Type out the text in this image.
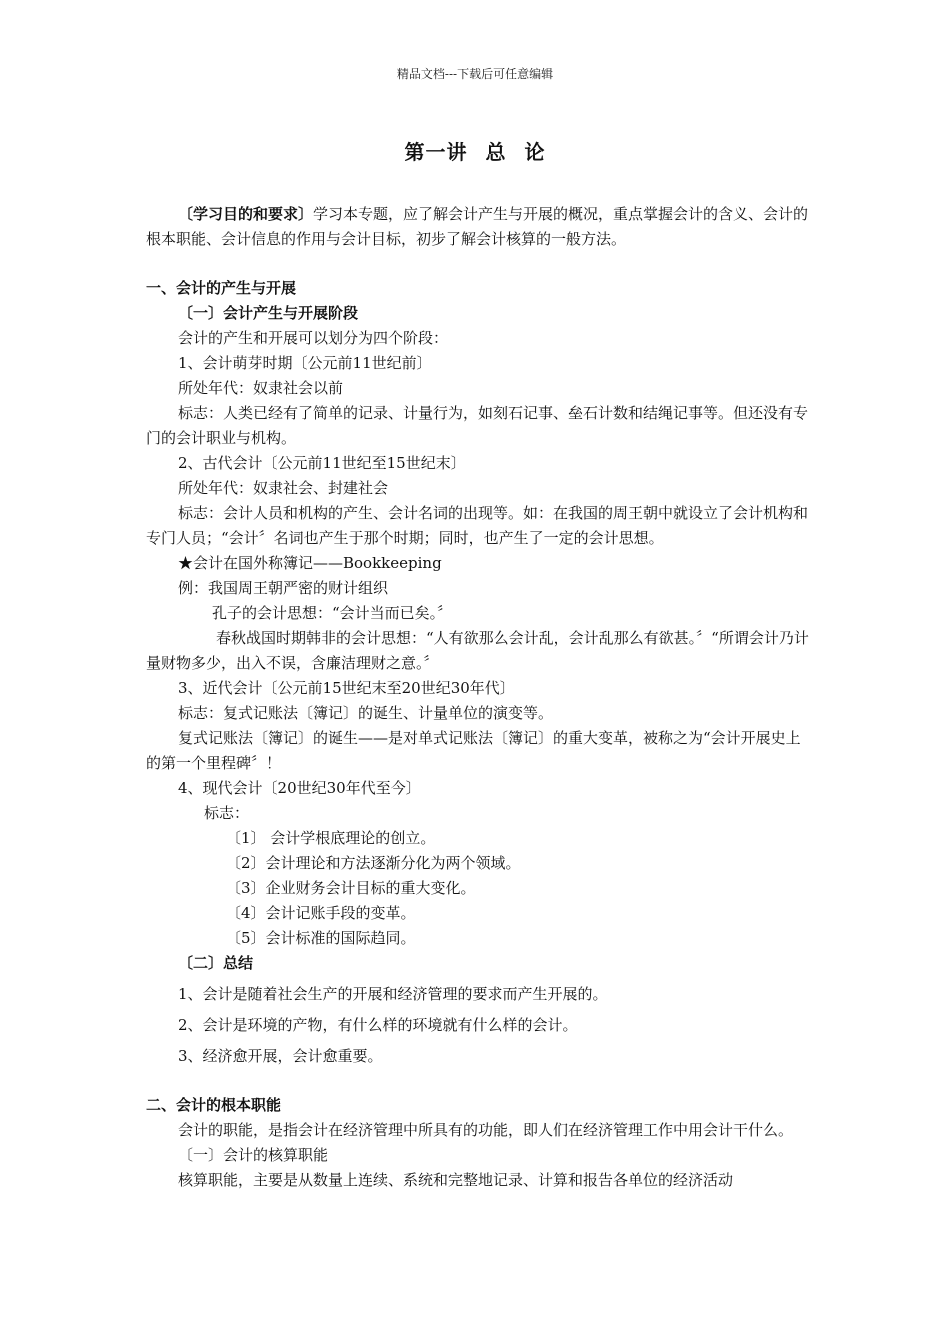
精品文档---下载后可任意编辑
第一讲 总 论

〔学习目的和要求〕学习本专题，应了解会计产生与开展的概况，重点掌握会计的含义、会计的根本职能、会计信息的作用与会计目标，初步了解会计核算的一般方法。

一、会计的产生与开展

〔一〕会计产生与开展阶段

会计的产生和开展可以划分为四个阶段：

1、会计萌芽时期〔公元前11世纪前〕

所处年代：奴隶社会以前

标志：人类已经有了简单的记录、计量行为，如刻石记事、垒石计数和结绳记事等。但还没有专门的会计职业与机构。

2、古代会计〔公元前11世纪至15世纪末〕

所处年代：奴隶社会、封建社会

标志：会计人员和机构的产生、会计名词的出现等。如：在我国的周王朝中就设立了会计机构和专门人员；“会计〞名词也产生于那个时期；同时，也产生了一定的会计思想。

★会计在国外称簿记——Bookkeeping

例：我国周王朝严密的财计组织

孔子的会计思想：“会计当而已矣。〞

春秋战国时期韩非的会计思想：“人有欲那么会计乱，会计乱那么有欲甚。〞“所谓会计乃计量财物多少，出入不误，含廉洁理财之意。〞

3、近代会计〔公元前15世纪末至20世纪30年代〕

标志：复式记账法〔簿记〕的诞生、计量单位的演变等。

复式记账法〔簿记〕的诞生——是对单式记账法〔簿记〕的重大变革，被称之为“会计开展史上的第一个里程碑〞！

4、现代会计〔20世纪30年代至今〕

标志：

〔1〕 会计学根底理论的创立。

〔2〕会计理论和方法逐渐分化为两个领域。

〔3〕企业财务会计目标的重大变化。

〔4〕会计记账手段的变革。

〔5〕会计标准的国际趋同。

〔二〕总结

1、会计是随着社会生产的开展和经济管理的要求而产生开展的。

2、会计是环境的产物，有什么样的环境就有什么样的会计。

3、经济愈开展，会计愈重要。

二、会计的根本职能

会计的职能，是指会计在经济管理中所具有的功能，即人们在经济管理工作中用会计干什么。

〔一〕会计的核算职能

核算职能，主要是从数量上连续、系统和完整地记录、计算和报告各单位的经济活动
